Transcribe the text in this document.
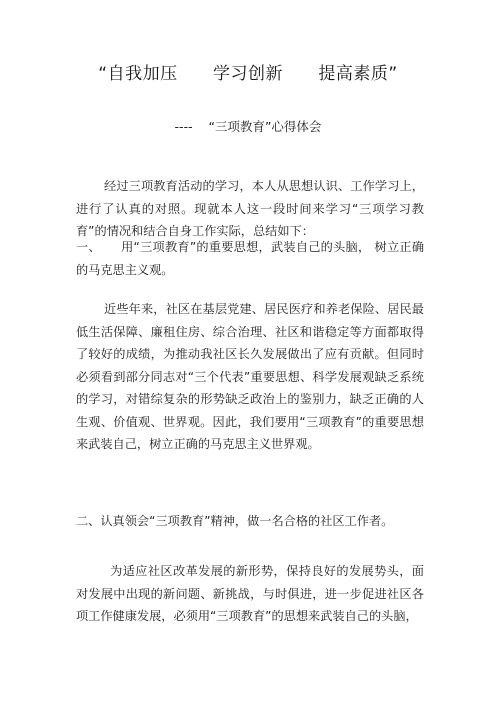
“自我加压      学习创新      提高素质”
----    “三项教育”心得体会
经过三项教育活动的学习，本人从思想认识、工作学习上，进行了认真的对照。现就本人这一段时间来学习“三项学习教育”的情况和结合自身工作实际，总结如下：
一、 用“三项教育”的重要思想，武装自己的头脑， 树立正确的马克思主义观。
近些年来，社区在基层党建、居民医疗和养老保险、居民最低生活保障、廉租住房、综合治理、社区和谐稳定等方面都取得了较好的成绩，为推动我社区长久发展做出了应有贡献。但同时必须看到部分同志对“三个代表”重要思想、科学发展观缺乏系统的学习，对错综复杂的形势缺乏政治上的鉴别力，缺乏正确的人生观、价值观、世界观。因此，我们要用“三项教育”的重要思想来武装自己，树立正确的马克思主义世界观。
二、认真领会“三项教育”精神，做一名合格的社区工作者。
为适应社区改革发展的新形势，保持良好的发展势头，面对发展中出现的新问题、新挑战，与时俱进，进一步促进社区各项工作健康发展，必须用“三项教育”的思想来武装自己的头脑，
